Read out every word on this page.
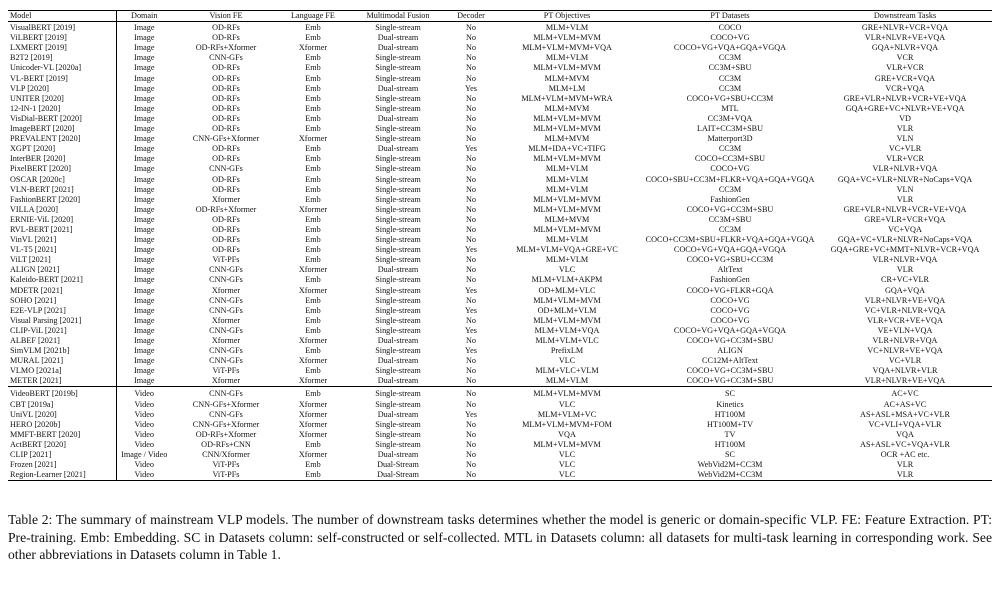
Model	Domain	Vision FE	Language FE	Multimodal Fusion	Decoder	PT Objectives	PT Datasets	Downstream Tasks
VisualBERT [2019]	Image	OD-RFs	Emb	Single-stream	No	MLM+VLM	COCO	GRE+NLVR+VCR+VQA
ViLBERT [2019]	Image	OD-RFs	Emb	Dual-stream	No	MLM+VLM+MVM	COCO+VG	VLR+NLVR+VE+VQA
LXMERT [2019]	Image	OD-RFs+Xformer	Xformer	Dual-stream	No	MLM+VLM+MVM+VQA	COCO+VG+VQA+GQA+VGQA	GQA+NLVR+VQA
B2T2 [2019]	Image	CNN-GFs	Emb	Single-stream	No	MLM+VLM	CC3M	VCR
Unicoder-VL [2020a]	Image	OD-RFs	Emb	Single-stream	No	MLM+VLM+MVM	CC3M+SBU	VLR+VCR
VL-BERT [2019]	Image	OD-RFs	Emb	Single-stream	No	MLM+MVM	CC3M	GRE+VCR+VQA
VLP [2020]	Image	OD-RFs	Emb	Dual-stream	Yes	MLM+LM	CC3M	VCR+VQA
UNITER [2020]	Image	OD-RFs	Emb	Single-stream	No	MLM+VLM+MVM+WRA	COCO+VG+SBU+CC3M	GRE+VLR+NLVR+VCR+VE+VQA
12-IN-1 [2020]	Image	OD-RFs	Emb	Single-stream	No	MLM+MVM	MTL	GQA+GRE+VC+NLVR+VE+VQA
VisDial-BERT [2020]	Image	OD-RFs	Emb	Dual-stream	No	MLM+VLM+MVM	CC3M+VQA	VD
ImageBERT [2020]	Image	OD-RFs	Emb	Single-stream	No	MLM+VLM+MVM	LAIT+CC3M+SBU	VLR
PREVALENT [2020]	Image	CNN-GFs+Xformer	Xformer	Single-stream	No	MLM+MVM	Matterport3D	VLN
XGPT [2020]	Image	OD-RFs	Emb	Dual-stream	Yes	MLM+IDA+VC+TIFG	CC3M	VC+VLR
InterBER [2020]	Image	OD-RFs	Emb	Single-stream	No	MLM+VLM+MVM	COCO+CC3M+SBU	VLR+VCR
PixelBERT [2020]	Image	CNN-GFs	Emb	Single-stream	No	MLM+VLM	COCO+VG	VLR+NLVR+VQA
OSCAR [2020c]	Image	OD-RFs	Emb	Single-stream	No	MLM+VLM	COCO+SBU+CC3M+FLKR+VQA+GQA+VGQA	GQA+VC+VLR+NLVR+NoCaps+VQA
VLN-BERT [2021]	Image	OD-RFs	Emb	Single-stream	No	MLM+VLM	CC3M	VLN
FashionBERT [2020]	Image	Xformer	Emb	Single-stream	No	MLM+VLM+MVM	FashionGen	VLR
VILLA [2020]	Image	OD-RFs+Xformer	Xformer	Single-stream	No	MLM+VLM+MVM	COCO+VG+CC3M+SBU	GRE+VLR+NLVR+VCR+VE+VQA
ERNIE-ViL [2020]	Image	OD-RFs	Emb	Single-stream	No	MLM+MVM	CC3M+SBU	GRE+VLR+VCR+VQA
RVL-BERT [2021]	Image	OD-RFs	Emb	Single-stream	No	MLM+VLM+MVM	CC3M	VC+VQA
VinVL [2021]	Image	OD-RFs	Emb	Single-stream	No	MLM+VLM	COCO+CC3M+SBU+FLKR+VQA+GQA+VGQA	GQA+VC+VLR+NLVR+NoCaps+VQA
VL-T5 [2021]	Image	OD-RFs	Emb	Single-stream	Yes	MLM+VLM+VQA+GRE+VC	COCO+VG+VQA+GQA+VGQA	GQA+GRE+VC+MMT+NLVR+VCR+VQA
ViLT [2021]	Image	ViT-PFs	Emb	Single-stream	No	MLM+VLM	COCO+VG+SBU+CC3M	VLR+NLVR+VQA
ALIGN [2021]	Image	CNN-GFs	Xformer	Dual-stream	No	VLC	AltText	VLR
Kaleido-BERT [2021]	Image	CNN-GFs	Emb	Single-stream	No	MLM+VLM+AKPM	FashionGen	CR+VC+VLR
MDETR [2021]	Image	Xformer	Xformer	Single-stream	Yes	OD+MLM+VLC	COCO+VG+FLKR+GQA	GQA+VQA
SOHO [2021]	Image	CNN-GFs	Emb	Single-stream	No	MLM+VLM+MVM	COCO+VG	VLR+NLVR+VE+VQA
E2E-VLP [2021]	Image	CNN-GFs	Emb	Single-stream	Yes	OD+MLM+VLM	COCO+VG	VC+VLR+NLVR+VQA
Visual Parsing [2021]	Image	Xformer	Emb	Single-stream	No	MLM+VLM+MVM	COCO+VG	VLR+VCR+VE+VQA
CLIP-ViL [2021]	Image	CNN-GFs	Emb	Single-stream	Yes	MLM+VLM+VQA	COCO+VG+VQA+GQA+VGQA	VE+VLN+VQA
ALBEF [2021]	Image	Xformer	Xformer	Dual-stream	No	MLM+VLM+VLC	COCO+VG+CC3M+SBU	VLR+NLVR+VQA
SimVLM [2021b]	Image	CNN-GFs	Emb	Single-stream	Yes	PrefixLM	ALIGN	VC+NLVR+VE+VQA
MURAL [2021]	Image	CNN-GFs	Xformer	Dual-stream	No	VLC	CC12M+AltText	VC+VLR
VLMO [2021a]	Image	ViT-PFs	Emb	Single-stream	No	MLM+VLC+VLM	COCO+VG+CC3M+SBU	VQA+NLVR+VLR
METER [2021]	Image	Xformer	Xformer	Dual-stream	No	MLM+VLM	COCO+VG+CC3M+SBU	VLR+NLVR+VE+VQA
VideoBERT [2019b]	Video	CNN-GFs	Emb	Single-stream	No	MLM+VLM+MVM	SC	AC+VC
CBT [2019a]	Video	CNN-GFs+Xformer	Xformer	Single-stream	No	VLC	Kinetics	AC+AS+VC
UniVL [2020]	Video	CNN-GFs	Xformer	Dual-stream	Yes	MLM+VLM+VC	HT100M	AS+ASL+MSA+VC+VLR
HERO [2020b]	Video	CNN-GFs+Xformer	Xformer	Single-stream	No	MLM+VLM+MVM+FOM	HT100M+TV	VC+VLI+VQA+VLR
MMFT-BERT [2020]	Video	OD-RFs+Xformer	Xformer	Single-stream	No	VQA	TV	VQA
ActBERT [2020]	Video	OD-RFs+CNN	Emb	Single-stream	No	MLM+VLM+MVM	HT100M	AS+ASL+VC+VQA+VLR
CLIP [2021]	Image / Video	CNN/Xformer	Xformer	Dual-stream	No	VLC	SC	OCR +AC etc.
Frozen [2021]	Video	ViT-PFs	Emb	Dual-Stream	No	VLC	WebVid2M+CC3M	VLR
Region-Learner [2021]	Video	ViT-PFs	Emb	Dual-Stream	No	VLC	WebVid2M+CC3M	VLR
Table 2: The summary of mainstream VLP models. The number of downstream tasks determines whether the model is generic or domain-specific VLP. FE: Feature Extraction. PT: Pre-training. Emb: Embedding. SC in Datasets column: self-constructed or self-collected. MTL in Datasets column: all datasets for multi-task learning in corresponding work. See other abbreviations in Datasets column in Table 1.
